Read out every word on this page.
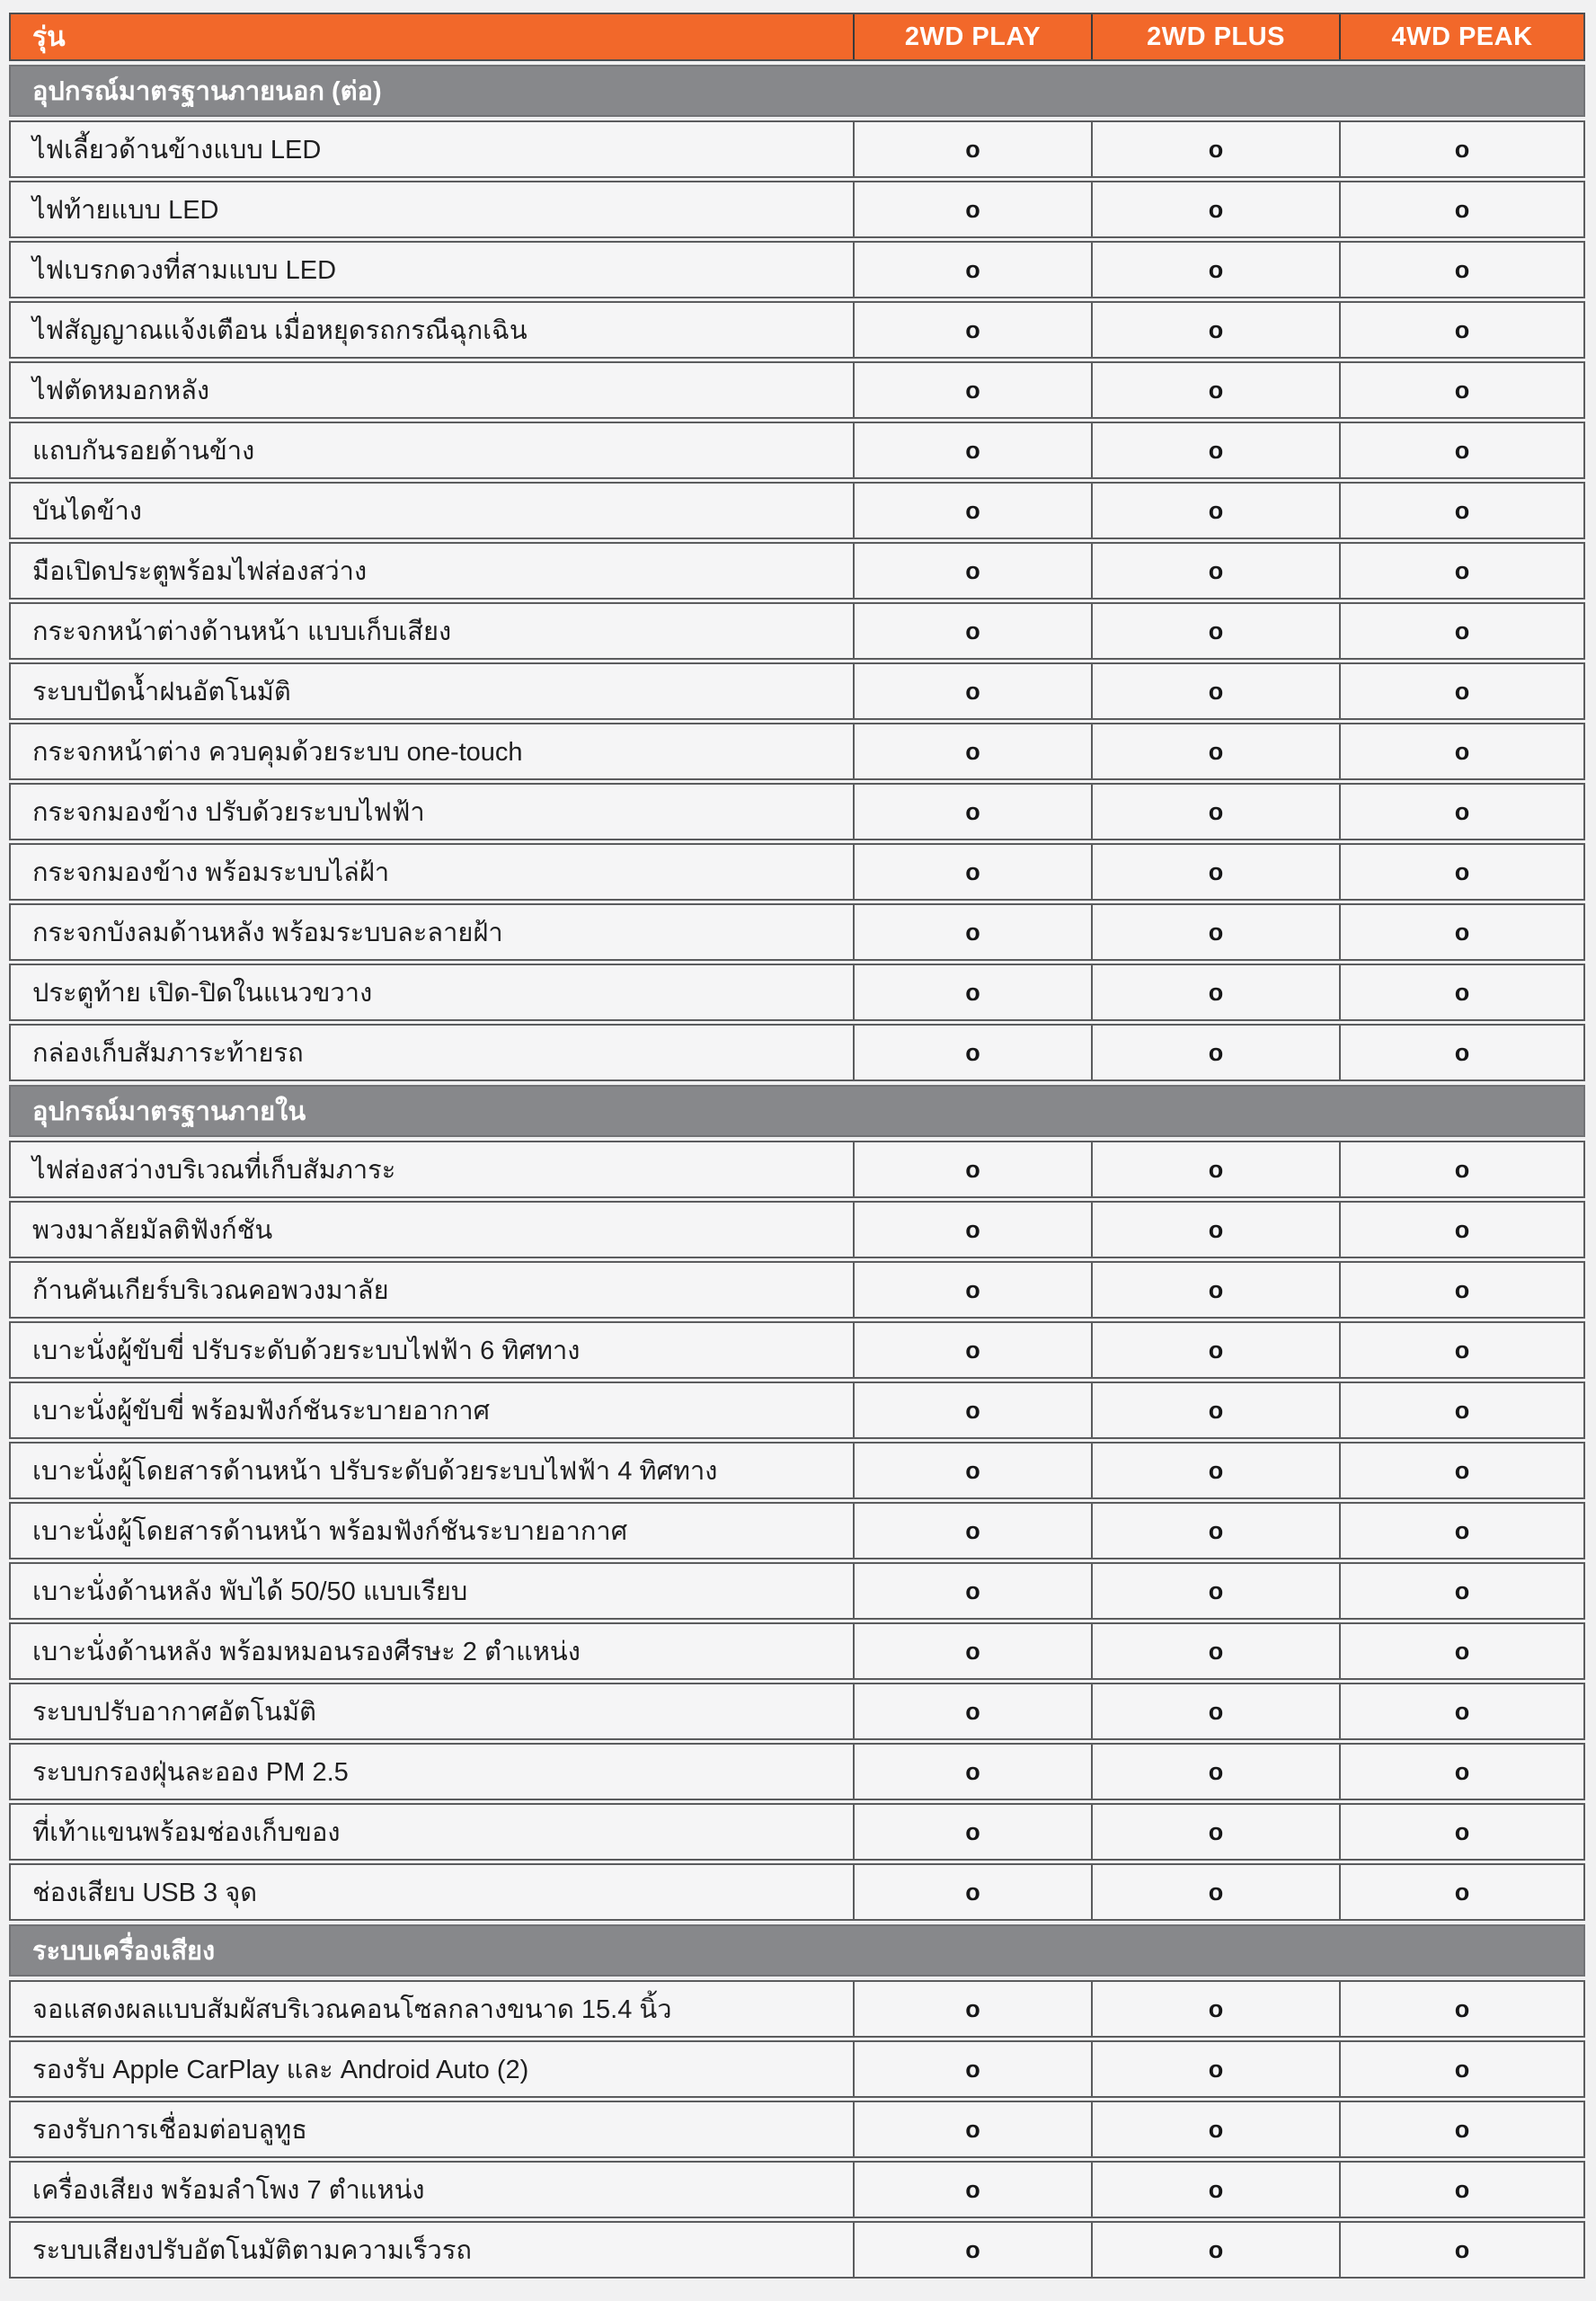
รุ่น	2WD PLAY	2WD PLUS	4WD PEAK
อุปกรณ์มาตรฐานภายนอก (ต่อ)
ไฟเลี้ยวด้านข้างแบบ LED	o	o	o
ไฟท้ายแบบ LED	o	o	o
ไฟเบรกดวงที่สามแบบ LED	o	o	o
ไฟสัญญาณแจ้งเตือน เมื่อหยุดรถกรณีฉุกเฉิน	o	o	o
ไฟตัดหมอกหลัง	o	o	o
แถบกันรอยด้านข้าง	o	o	o
บันไดข้าง	o	o	o
มือเปิดประตูพร้อมไฟส่องสว่าง	o	o	o
กระจกหน้าต่างด้านหน้า แบบเก็บเสียง	o	o	o
ระบบปัดน้ำฝนอัตโนมัติ	o	o	o
กระจกหน้าต่าง ควบคุมด้วยระบบ one-touch	o	o	o
กระจกมองข้าง ปรับด้วยระบบไฟฟ้า	o	o	o
กระจกมองข้าง พร้อมระบบไล่ฝ้า	o	o	o
กระจกบังลมด้านหลัง พร้อมระบบละลายฝ้า	o	o	o
ประตูท้าย เปิด-ปิดในแนวขวาง	o	o	o
กล่องเก็บสัมภาระท้ายรถ	o	o	o
อุปกรณ์มาตรฐานภายใน
ไฟส่องสว่างบริเวณที่เก็บสัมภาระ	o	o	o
พวงมาลัยมัลติฟังก์ชัน	o	o	o
ก้านคันเกียร์บริเวณคอพวงมาลัย	o	o	o
เบาะนั่งผู้ขับขี่ ปรับระดับด้วยระบบไฟฟ้า 6 ทิศทาง	o	o	o
เบาะนั่งผู้ขับขี่ พร้อมฟังก์ชันระบายอากาศ	o	o	o
เบาะนั่งผู้โดยสารด้านหน้า ปรับระดับด้วยระบบไฟฟ้า 4 ทิศทาง	o	o	o
เบาะนั่งผู้โดยสารด้านหน้า พร้อมฟังก์ชันระบายอากาศ	o	o	o
เบาะนั่งด้านหลัง พับได้ 50/50 แบบเรียบ	o	o	o
เบาะนั่งด้านหลัง พร้อมหมอนรองศีรษะ 2 ตำแหน่ง	o	o	o
ระบบปรับอากาศอัตโนมัติ	o	o	o
ระบบกรองฝุ่นละออง PM 2.5	o	o	o
ที่เท้าแขนพร้อมช่องเก็บของ	o	o	o
ช่องเสียบ USB 3 จุด	o	o	o
ระบบเครื่องเสียง
จอแสดงผลแบบสัมผัสบริเวณคอนโซลกลางขนาด 15.4 นิ้ว	o	o	o
รองรับ Apple CarPlay และ Android Auto (2)	o	o	o
รองรับการเชื่อมต่อบลูทูธ	o	o	o
เครื่องเสียง พร้อมลำโพง 7 ตำแหน่ง	o	o	o
ระบบเสียงปรับอัตโนมัติตามความเร็วรถ	o	o	o
